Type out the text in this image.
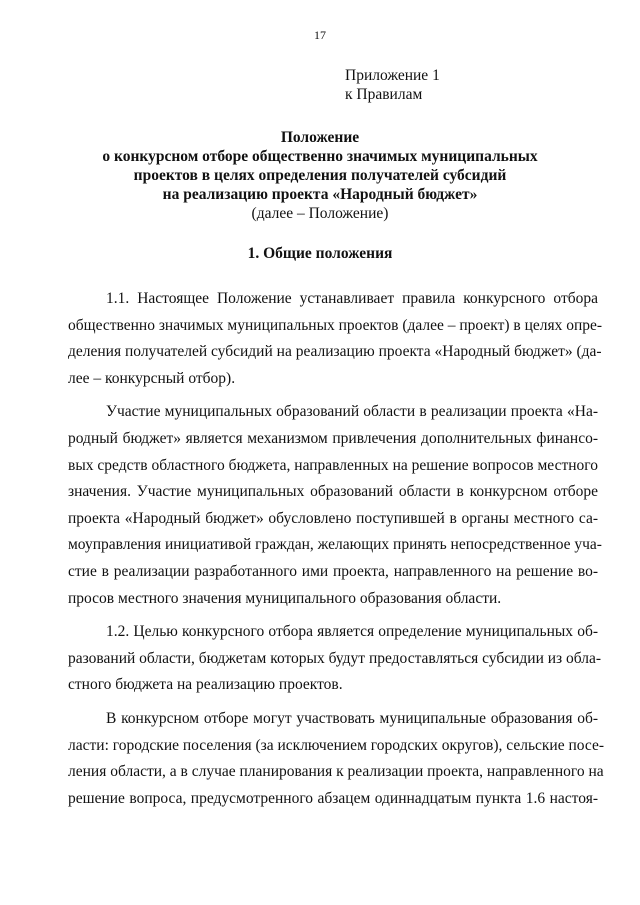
17
Приложение 1
к Правилам
Положение
о конкурсном отборе общественно значимых муниципальных
проектов в целях определения получателей субсидий
на реализацию проекта «Народный бюджет»
(далее – Положение)
1. Общие положения
1.1. Настоящее Положение устанавливает правила конкурсного отбора
общественно значимых муниципальных проектов (далее – проект) в целях опре-
деления получателей субсидий на реализацию проекта «Народный бюджет» (да-
лее – конкурсный отбор).
Участие муниципальных образований области в реализации проекта «На-
родный бюджет» является механизмом привлечения дополнительных финансо-
вых средств областного бюджета, направленных на решение вопросов местного
значения. Участие муниципальных образований области в конкурсном отборе
проекта «Народный бюджет» обусловлено поступившей в органы местного са-
моуправления инициативой граждан, желающих принять непосредственное уча-
стие в реализации разработанного ими проекта, направленного на решение во-
просов местного значения муниципального образования области.
1.2. Целью конкурсного отбора является определение муниципальных об-
разований области, бюджетам которых будут предоставляться субсидии из обла-
стного бюджета на реализацию проектов.
В конкурсном отборе могут участвовать муниципальные образования об-
ласти: городские поселения (за исключением городских округов), сельские посе-
ления области, а в случае планирования к реализации проекта, направленного на
решение вопроса, предусмотренного абзацем одиннадцатым пункта 1.6 настоя-
